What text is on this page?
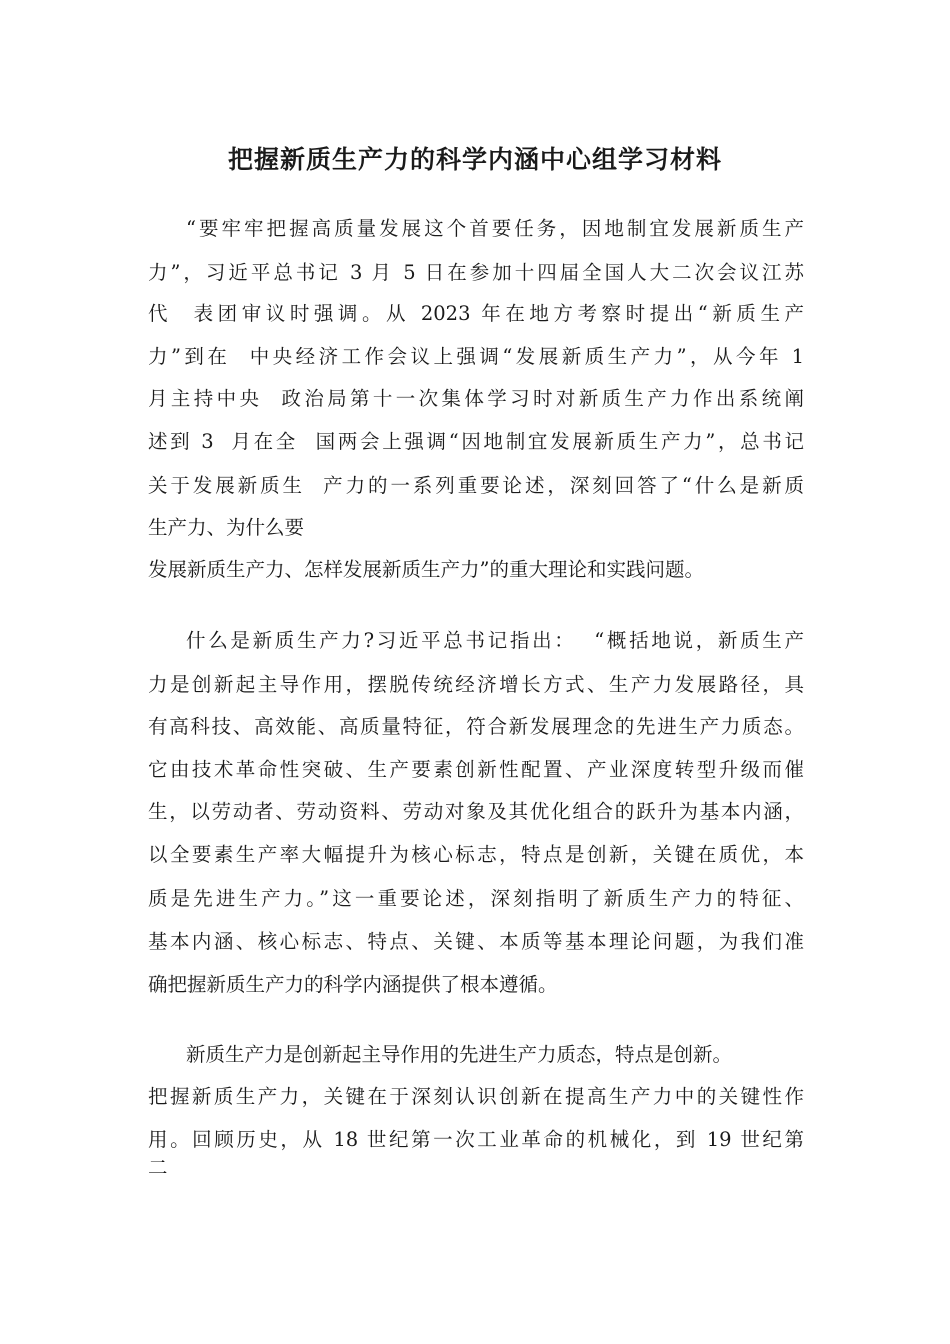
把握新质生产力的科学内涵中心组学习材料

“要牢牢把握高质量发展这个首要任务，因地制宜发展新质生产

力”，习近平总书记 3 月 5 日在参加十四届全国人大二次会议江苏

代  表团审议时强调。从 2023 年在地方考察时提出“新质生产

力”到在  中央经济工作会议上强调“发展新质生产力”，从今年 1

月主持中央  政治局第十一次集体学习时对新质生产力作出系统阐

述到 3  月在全  国两会上强调“因地制宜发展新质生产力”，总书记

关于发展新质生  产力的一系列重要论述，深刻回答了“什么是新质

生产力、为什么要

发展新质生产力、怎样发展新质生产力”的重大理论和实践问题。

什么是新质生产力?习近平总书记指出：  “概括地说，新质生产

力是创新起主导作用，摆脱传统经济增长方式、生产力发展路径，具

有高科技、高效能、高质量特征，符合新发展理念的先进生产力质态。

它由技术革命性突破、生产要素创新性配置、产业深度转型升级而催

生，以劳动者、劳动资料、劳动对象及其优化组合的跃升为基本内涵，

以全要素生产率大幅提升为核心标志，特点是创新，关键在质优，本

质是先进生产力。”这一重要论述，深刻指明了新质生产力的特征、

基本内涵、核心标志、特点、关键、本质等基本理论问题，为我们准

确把握新质生产力的科学内涵提供了根本遵循。

新质生产力是创新起主导作用的先进生产力质态，特点是创新。

把握新质生产力，关键在于深刻认识创新在提高生产力中的关键性作

用。回顾历史，从 18 世纪第一次工业革命的机械化，到 19 世纪第

二
